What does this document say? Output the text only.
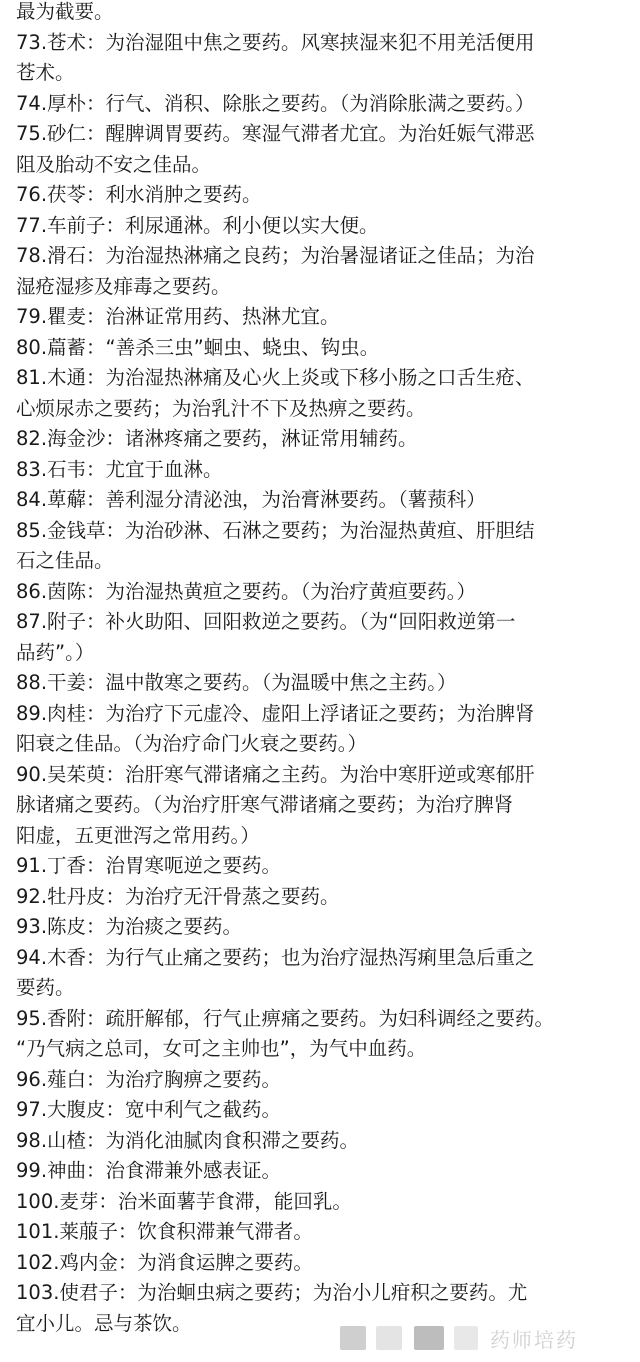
最为截要。
73.苍术：为治湿阻中焦之要药。风寒挟湿来犯不用羌活便用
苍术。
74.厚朴：行气、消积、除胀之要药。（为消除胀满之要药。）
75.砂仁：醒脾调胃要药。寒湿气滞者尤宜。为治妊娠气滞恶
阻及胎动不安之佳品。
76.茯苓：利水消肿之要药。
77.车前子：利尿通淋。利小便以实大便。
78.滑石：为治湿热淋痛之良药；为治暑湿诸证之佳品；为治
湿疮湿疹及痱毒之要药。
79.瞿麦：治淋证常用药、热淋尤宜。
80.萹蓄：“善杀三虫”蛔虫、蛲虫、钩虫。
81.木通：为治湿热淋痛及心火上炎或下移小肠之口舌生疮、
心烦尿赤之要药；为治乳汁不下及热痹之要药。
82.海金沙：诸淋疼痛之要药，淋证常用辅药。
83.石韦：尤宜于血淋。
84.萆薢：善利湿分清泌浊，为治膏淋要药。（薯蓣科）
85.金钱草：为治砂淋、石淋之要药；为治湿热黄疸、肝胆结
石之佳品。
86.茵陈：为治湿热黄疸之要药。（为治疗黄疸要药。）
87.附子：补火助阳、回阳救逆之要药。（为“回阳救逆第一
品药”。）
88.干姜：温中散寒之要药。（为温暖中焦之主药。）
89.肉桂：为治疗下元虚冷、虚阳上浮诸证之要药；为治脾肾
阳衰之佳品。（为治疗命门火衰之要药。）
90.吴茱萸：治肝寒气滞诸痛之主药。为治中寒肝逆或寒郁肝
脉诸痛之要药。（为治疗肝寒气滞诸痛之要药；为治疗脾肾
阳虚，五更泄泻之常用药。）
91.丁香：治胃寒呃逆之要药。
92.牡丹皮：为治疗无汗骨蒸之要药。
93.陈皮：为治痰之要药。
94.木香：为行气止痛之要药；也为治疗湿热泻痢里急后重之
要药。
95.香附：疏肝解郁，行气止痹痛之要药。为妇科调经之要药。
“乃气病之总司，女可之主帅也”，为气中血药。
96.薤白：为治疗胸痹之要药。
97.大腹皮：宽中利气之截药。
98.山楂：为消化油腻肉食积滞之要药。
99.神曲：治食滞兼外感表证。
100.麦芽：治米面薯芋食滞，能回乳。
101.莱菔子：饮食积滞兼气滞者。
102.鸡内金：为消食运脾之要药。
103.使君子：为治蛔虫病之要药；为治小儿疳积之要药。尤
宜小儿。忌与茶饮。
药师培药
